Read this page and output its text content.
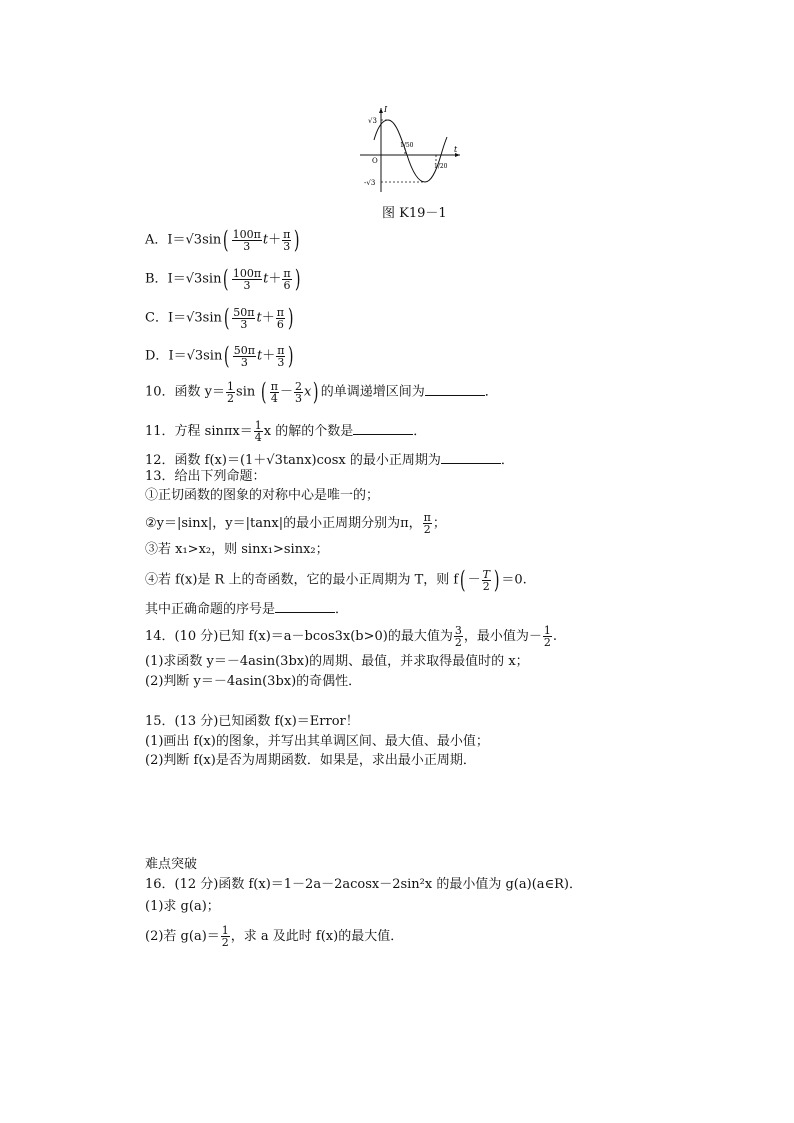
I
t
√3
-√3
O
1/50
1/20
图 K19－1
A．$I=√3\sin( \frac{100\pi}{3} t+ \frac{\pi}{3}$ )
B．$I=√3\sin( \frac{100\pi}{3} t+ \frac{\pi}{6}$ )
C．$I=√3\sin( \frac{50\pi}{3} t+ \frac{\pi}{6}$ )
D．$I=√3\sin( \frac{50\pi}{3} t+ \frac{\pi}{3}$ )
10．函数 $y= \frac{1}{2}$ sin ( $\frac{\pi}{4} - \frac{2}{3} x$) 的单调递增区间为	．
11．方程 $\sin\pi x= \frac{1}{4}$ x 的解的个数是	．
12．函数 f(x)＝(1＋√3tanx)cosx 的最小正周期为	．
13．给出下列命题：
①正切函数的图象的对称中心是唯一的；
②y＝|sinx|，y＝|tanx|的最小正周期分别为π， $\frac{\pi}{2}$ ；
③若 x₁>x₂，则 sinx₁>sinx₂；
④若 f(x)是 R 上的奇函数，它的最小正周期为 T，则 $f( - \frac{T}{2}$ ) ＝0.
其中正确命题的序号是	．
14．(10 分)已知 f(x)＝a－bcos3x(b>0)的最大值为 $\frac{3}{2}$ ，最小值为－ $\frac{1}{2}$ .
(1)求函数 y＝－4asin(3bx)的周期、最值，并求取得最值时的 x；
(2)判断 y＝－4asin(3bx)的奇偶性．
15．(13 分)已知函数 f(x)＝Error！
(1)画出 f(x)的图象，并写出其单调区间、最大值、最小值；
(2)判断 f(x)是否为周期函数．如果是，求出最小正周期．
难点突破
16．(12 分)函数 f(x)＝1－2a－2acosx－2sin²x 的最小值为 g(a)(a∈R)．
(1)求 g(a)；
(2)若 $g(a)= \frac{1}{2}$ ，求 a 及此时 f(x)的最大值．
